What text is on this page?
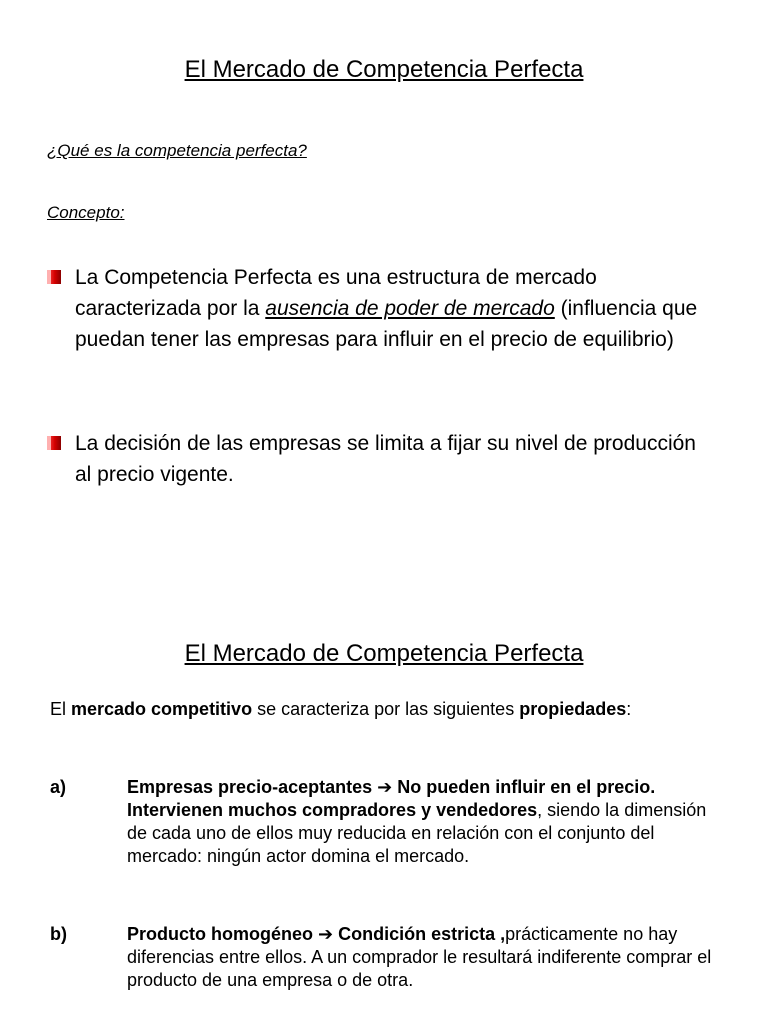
El Mercado de Competencia Perfecta
¿Qué es la competencia perfecta?
Concepto:
La Competencia Perfecta es una estructura de mercado caracterizada por la ausencia de poder de mercado (influencia que puedan tener las empresas para influir en el precio de equilibrio)
La decisión de las empresas se limita a fijar su nivel de producción al precio vigente.
El Mercado de Competencia Perfecta
El mercado competitivo se caracteriza por las siguientes propiedades:
a)	Empresas precio-aceptantes ➔ No pueden influir en el precio. Intervienen muchos compradores y vendedores, siendo la dimensión de cada uno de ellos muy reducida en relación con el conjunto del mercado: ningún actor domina el mercado.
b)	Producto homogéneo ➔ Condición estricta ,prácticamente no hay diferencias entre ellos. A un comprador le resultará indiferente comprar el producto de una empresa o de otra.
